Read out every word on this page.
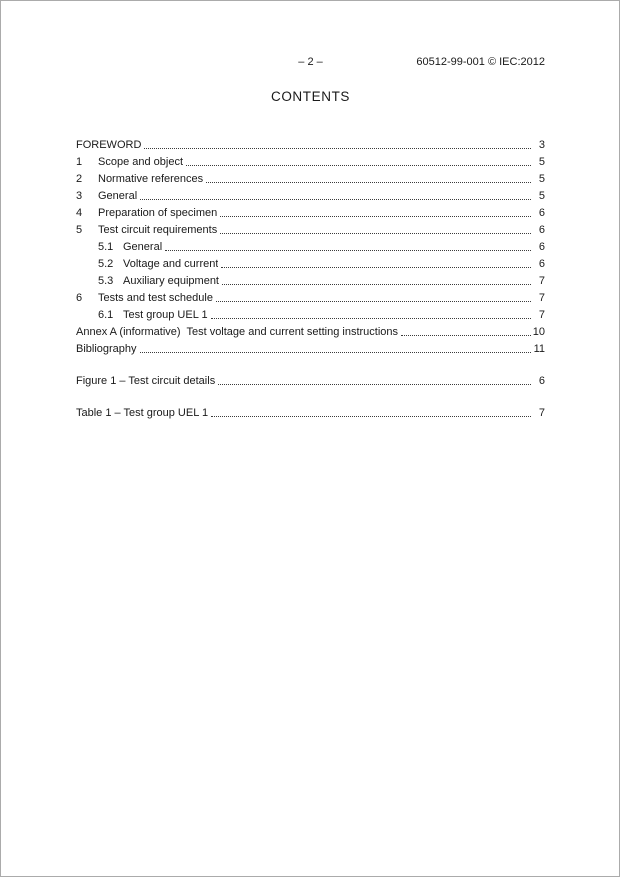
– 2 –	60512-99-001 © IEC:2012
CONTENTS
FOREWORD	3
1	Scope and object	5
2	Normative references	5
3	General	5
4	Preparation of specimen	6
5	Test circuit requirements	6
5.1 General	6
5.2 Voltage and current	6
5.3 Auxiliary equipment	7
6	Tests and test schedule	7
6.1 Test group UEL 1	7
Annex A (informative)  Test voltage and current setting instructions	10
Bibliography	11
Figure 1 – Test circuit details	6
Table 1 – Test group UEL 1	7
